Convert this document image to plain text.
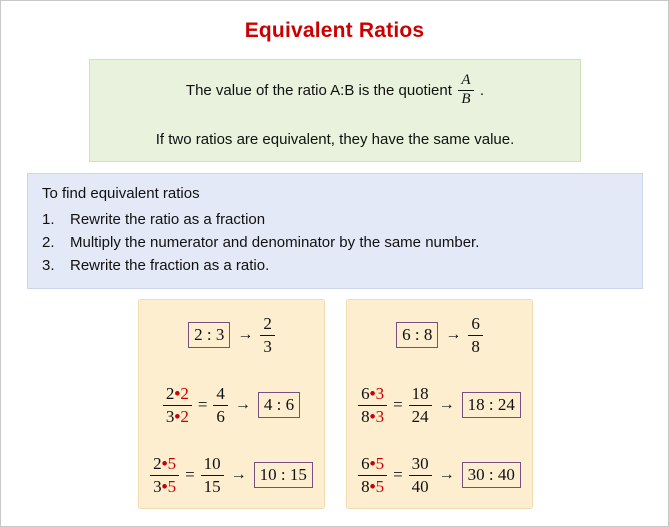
Equivalent Ratios
The value of the ratio A:B is the quotient $\frac{A}{B}$ .
If two ratios are equivalent, they have the same value.
To find equivalent ratios
1.	Rewrite the ratio as a fraction
2.	Multiply the numerator and denominator by the same number.
3.	Rewrite the fraction as a ratio.
2 : $3 \to \frac{2}{3}$
$\frac{2•2}{3•2} = \frac{4}{6} \to 4$ : 6
$\frac{2•5}{3•5} = \frac{10}{15} \to 10$ : 15
6 : $8 \to \frac{6}{8}$
$\frac{6•3}{8•3} = \frac{18}{24} \to 18$ : 24
$\frac{6•5}{8•5} = \frac{30}{40} \to 30$ : 40
